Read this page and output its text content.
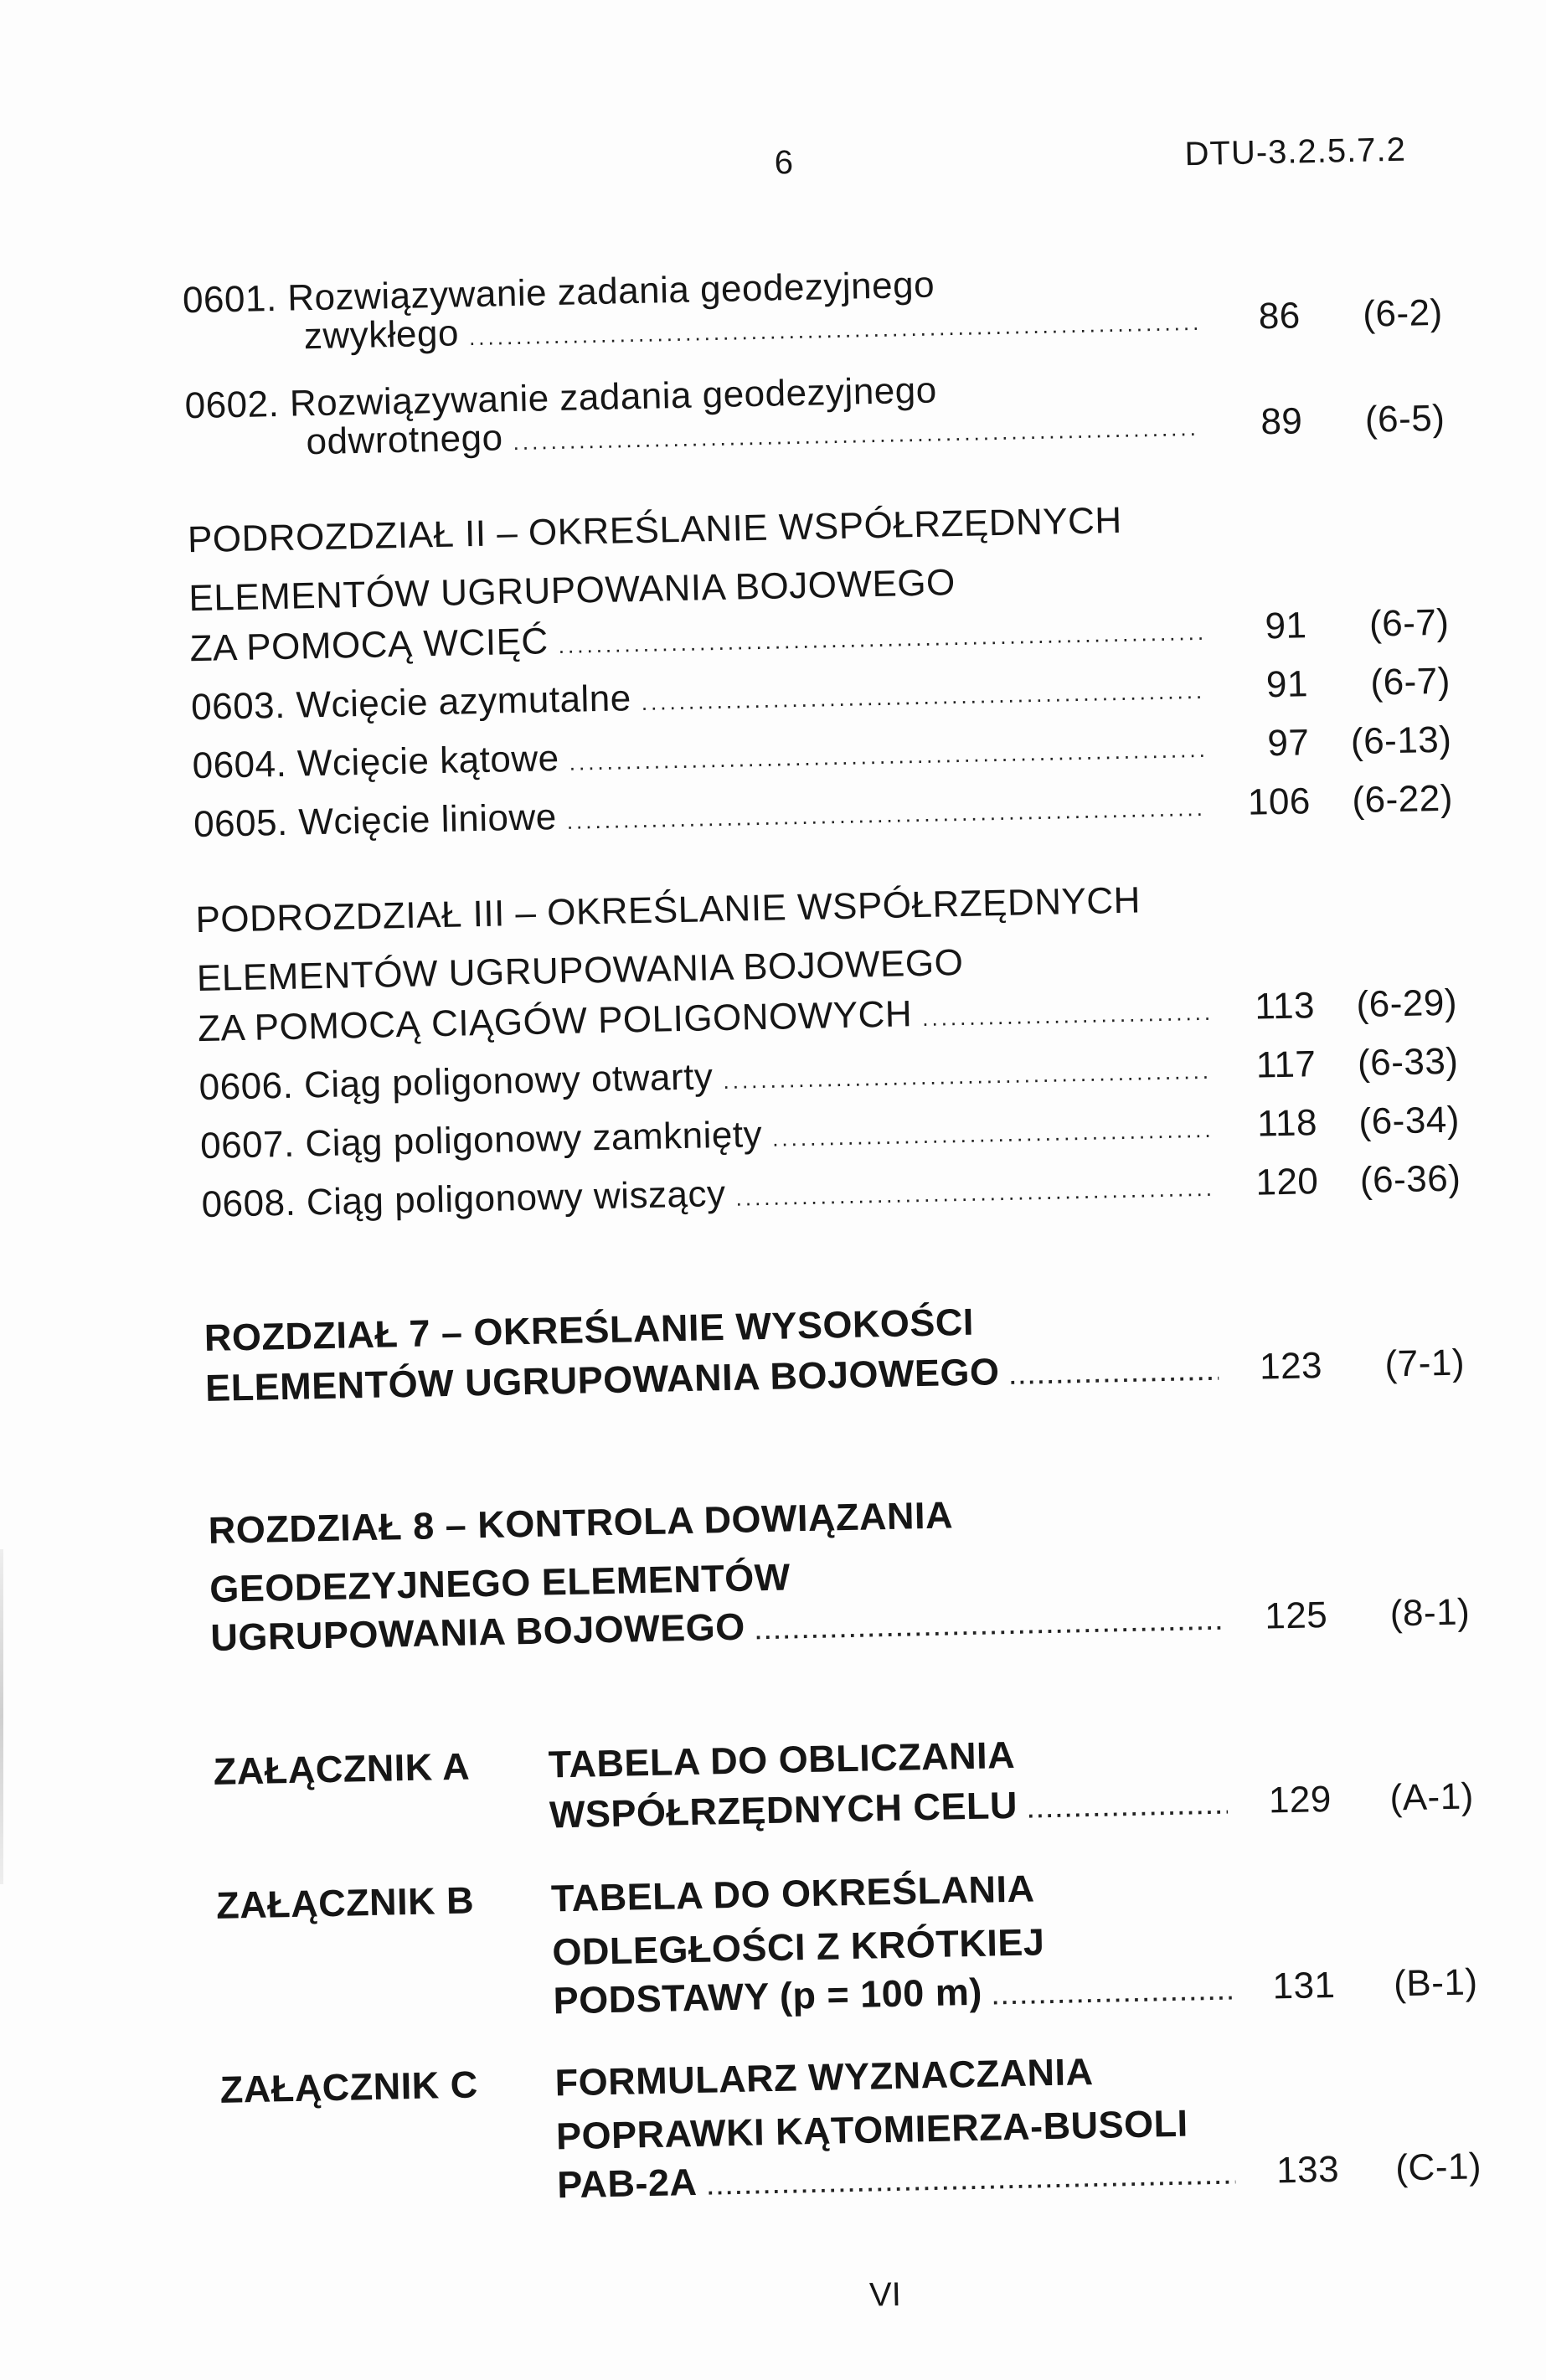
6	DTU-3.2.5.7.2
0601. Rozwiązywanie zadania geodezyjnego
zwykłego .....	86	(6-2)
0602. Rozwiązywanie zadania geodezyjnego
odwrotnego .....	89	(6-5)
PODROZDZIAŁ II – OKREŚLANIE WSPÓŁRZĘDNYCH
ELEMENTÓW UGRUPOWANIA BOJOWEGO
ZA POMOCĄ WCIĘĆ .....	91	(6-7)
0603. Wcięcie azymutalne .....	91	(6-7)
0604. Wcięcie kątowe .....	97	(6-13)
0605. Wcięcie liniowe .....	106	(6-22)
PODROZDZIAŁ III – OKREŚLANIE WSPÓŁRZĘDNYCH
ELEMENTÓW UGRUPOWANIA BOJOWEGO
ZA POMOCĄ CIĄGÓW POLIGONOWYCH .....	113	(6-29)
0606. Ciąg poligonowy otwarty .....	117	(6-33)
0607. Ciąg poligonowy zamknięty .....	118	(6-34)
0608. Ciąg poligonowy wiszący .....	120	(6-36)
ROZDZIAŁ 7 – OKREŚLANIE WYSOKOŚCI
ELEMENTÓW UGRUPOWANIA BOJOWEGO .....	123	(7-1)
ROZDZIAŁ 8 – KONTROLA DOWIĄZANIA
GEODEZYJNEGO ELEMENTÓW
UGRUPOWANIA BOJOWEGO .....	125	(8-1)
ZAŁĄCZNIK A TABELA DO OBLICZANIA
WSPÓŁRZĘDNYCH CELU .....	129	(A-1)
ZAŁĄCZNIK B TABELA DO OKREŚLANIA
ODLEGŁOŚCI Z KRÓTKIEJ
PODSTAWY (p = 100 m) .....	131	(B-1)
ZAŁĄCZNIK C FORMULARZ WYZNACZANIA
POPRAWKI KĄTOMIERZA-BUSOLI
PAB-2A .....	133	(C-1)
VI
